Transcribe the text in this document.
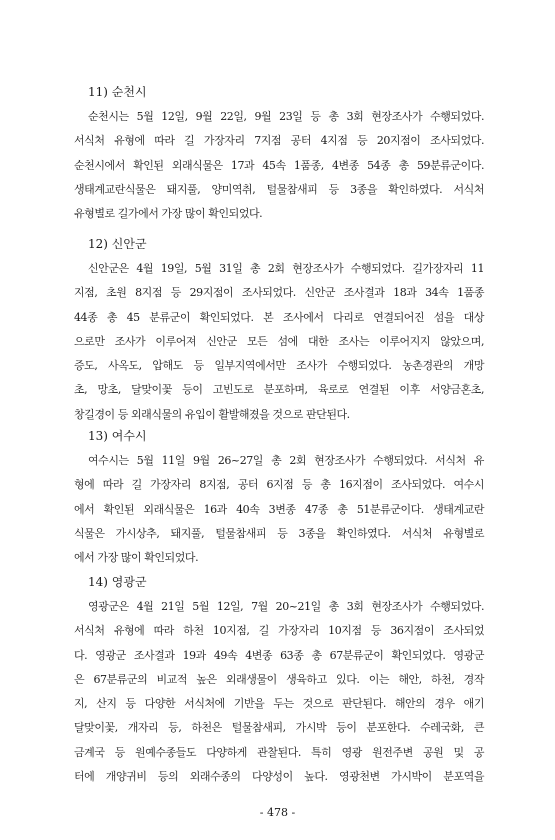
11) 순천시
순천시는 5월 12일, 9월 22일, 9월 23일 등 총 3회 현장조사가 수행되었다.
서식처 유형에 따라 길 가장자리 7지점 공터 4지점 등 20지점이 조사되었다.
순천시에서 확인된 외래식물은 17과 45속 1품종, 4변종 54종 총 59분류군이다.
생태계교란식물은 돼지풀, 양미역취, 털물참새피 등 3종을 확인하였다. 서식처
유형별로 길가에서 가장 많이 확인되었다.
12) 신안군
신안군은 4월 19일, 5월 31일 총 2회 현장조사가 수행되었다. 길가장자리 11
지점, 초원 8지점 등 29지점이 조사되었다. 신안군 조사결과 18과 34속 1품종
44종 총 45 분류군이 확인되었다. 본 조사에서 다리로 연결되어진 섬을 대상
으로만 조사가 이루어져 신안군 모든 섬에 대한 조사는 이루어지지 않았으며,
증도, 사옥도, 압해도 등 일부지역에서만 조사가 수행되었다. 농촌경관의 개망
초, 망초, 달맞이꽃 등이 고빈도로 분포하며, 육로로 연결된 이후 서양금혼초,
창길경이 등 외래식물의 유입이 활발해졌을 것으로 판단된다.
13) 여수시
여수시는 5월 11일 9월 26~27일 총 2회 현장조사가 수행되었다. 서식처 유
형에 따라 길 가장자리 8지점, 공터 6지점 등 총 16지점이 조사되었다. 여수시
에서 확인된 외래식물은 16과 40속 3변종 47종 총 51분류군이다. 생태계교란
식물은 가시상추, 돼지풀, 털물참새피 등 3종을 확인하였다. 서식처 유형별로
에서 가장 많이 확인되었다.
14) 영광군
영광군은 4월 21일 5월 12일, 7월 20~21일 총 3회 현장조사가 수행되었다.
서식처 유형에 따라 하천 10지점, 길 가장자리 10지점 등 36지점이 조사되었
다. 영광군 조사결과 19과 49속 4변종 63종 총 67분류군이 확인되었다. 영광군
은 67분류군의 비교적 높은 외래생물이 생육하고 있다. 이는 해안, 하천, 경작
지, 산지 등 다양한 서식처에 기반을 두는 것으로 판단된다. 해안의 경우 애기
달맞이꽃, 개자리 등, 하천은 털물참새피, 가시박 등이 분포한다. 수레국화, 큰
금계국 등 원예수종들도 다양하게 관찰된다. 특히 영광 원전주변 공원 및 공
터에 개양귀비 등의 외래수종의 다양성이 높다. 영광천변 가시박이 분포역을
- 478 -
